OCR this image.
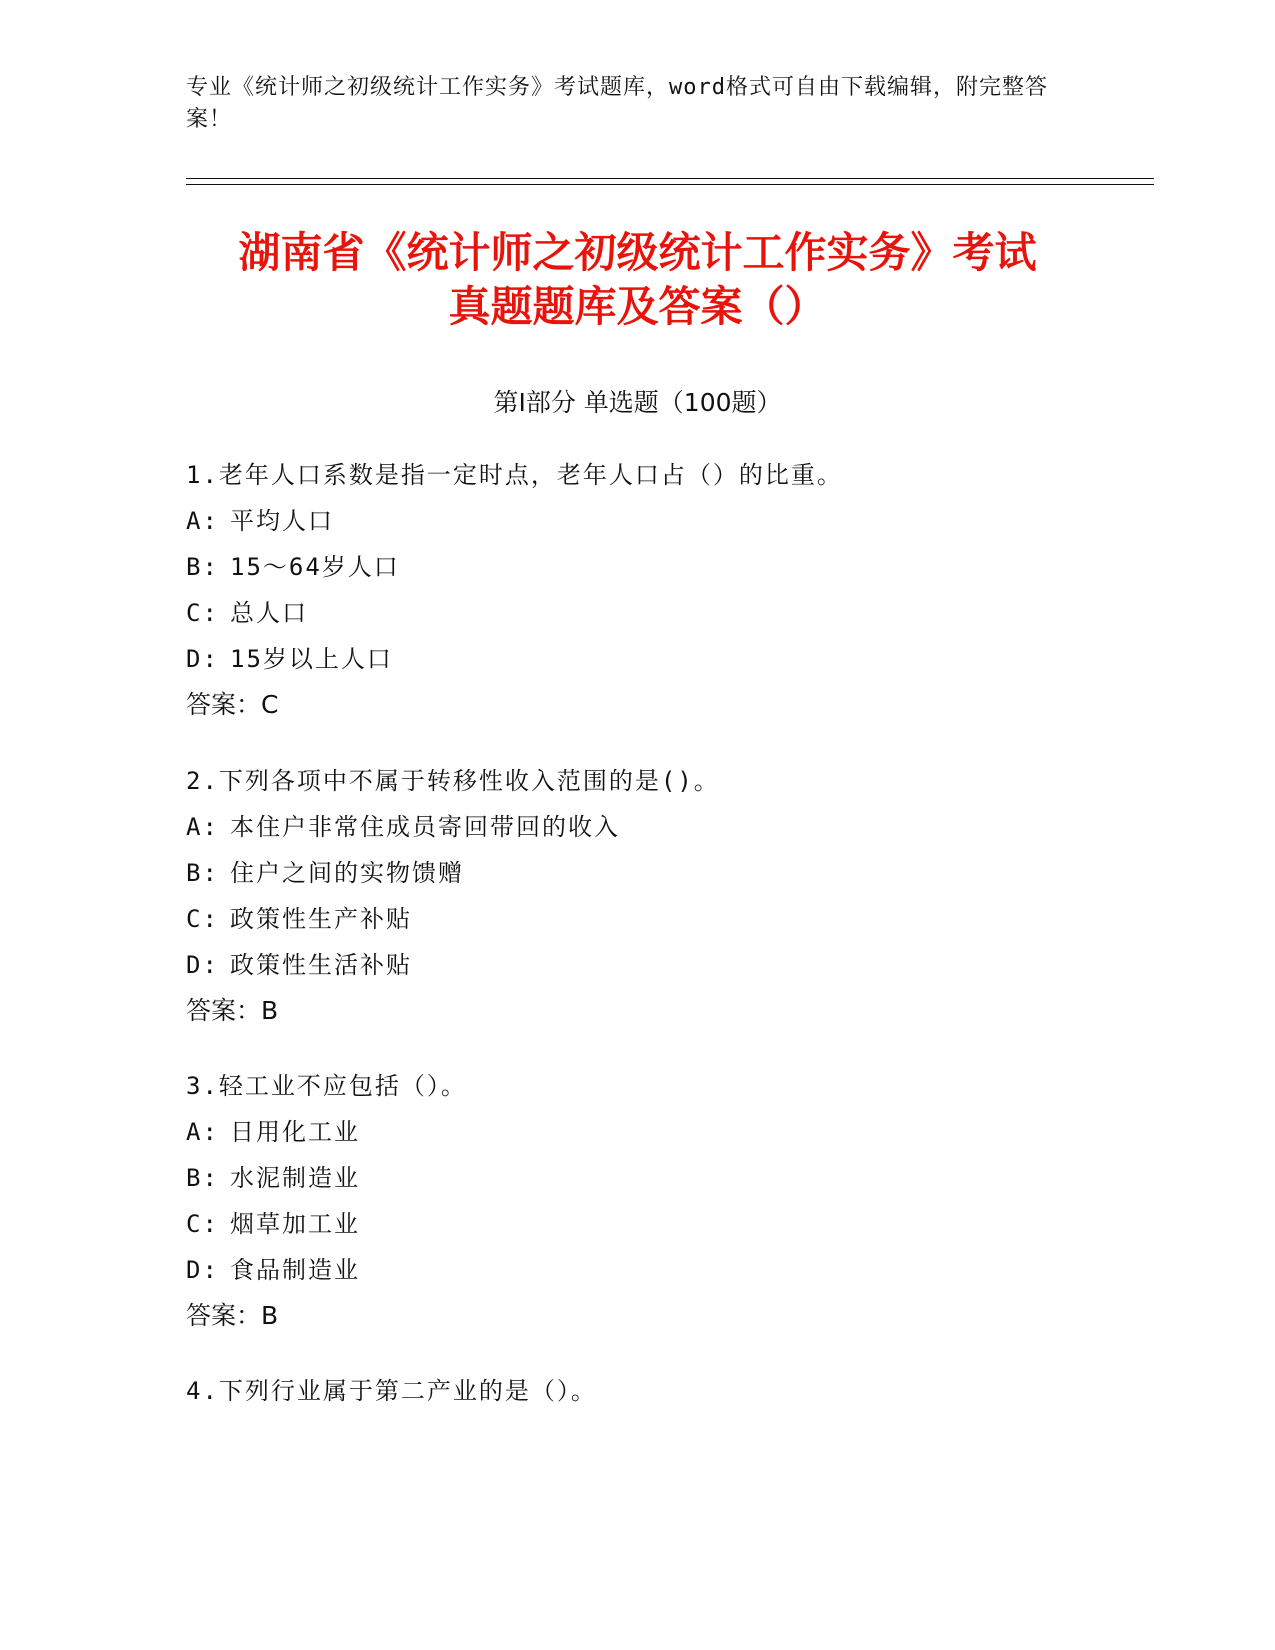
专业《统计师之初级统计工作实务》考试题库，word格式可自由下载编辑，附完整答案！
湖南省《统计师之初级统计工作实务》考试
真题题库及答案（）
第Ⅰ部分 单选题（100题）
1.老年人口系数是指一定时点，老年人口占（）的比重。
A: 平均人口
B: 15～64岁人口
C: 总人口
D: 15岁以上人口
答案：C
2.下列各项中不属于转移性收入范围的是()。
A: 本住户非常住成员寄回带回的收入
B: 住户之间的实物馈赠
C: 政策性生产补贴
D: 政策性生活补贴
答案：B
3.轻工业不应包括（）。
A: 日用化工业
B: 水泥制造业
C: 烟草加工业
D: 食品制造业
答案：B
4.下列行业属于第二产业的是（）。
